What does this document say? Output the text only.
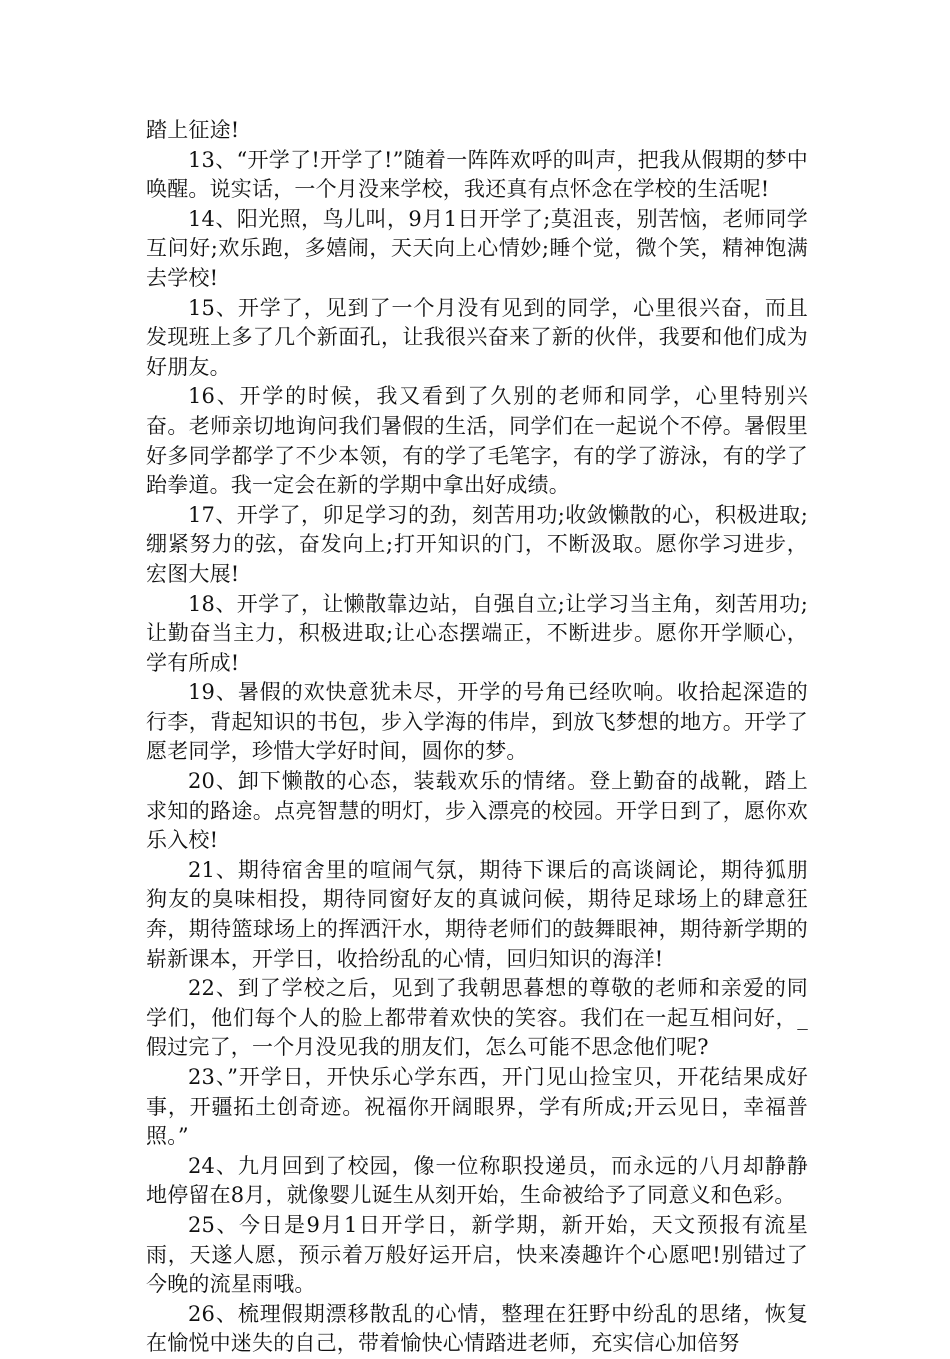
踏上征途!

13、“开学了!开学了!”随着一阵阵欢呼的叫声，把我从假期的梦中唤醒。说实话，一个月没来学校，我还真有点怀念在学校的生活呢!

14、阳光照，鸟儿叫，9月1日开学了;莫沮丧，别苦恼，老师同学互问好;欢乐跑，多嬉闹，天天向上心情妙;睡个觉，微个笑，精神饱满去学校!

15、开学了，见到了一个月没有见到的同学，心里很兴奋，而且发现班上多了几个新面孔，让我很兴奋来了新的伙伴，我要和他们成为好朋友。

16、开学的时候，我又看到了久别的老师和同学，心里特别兴奋。老师亲切地询问我们暑假的生活，同学们在一起说个不停。暑假里好多同学都学了不少本领，有的学了毛笔字，有的学了游泳，有的学了跆拳道。我一定会在新的学期中拿出好成绩。

17、开学了，卯足学习的劲，刻苦用功;收敛懒散的心，积极进取;绷紧努力的弦，奋发向上;打开知识的门，不断汲取。愿你学习进步，宏图大展!

18、开学了，让懒散靠边站，自强自立;让学习当主角，刻苦用功;让勤奋当主力，积极进取;让心态摆端正，不断进步。愿你开学顺心，学有所成!

19、暑假的欢快意犹未尽，开学的号角已经吹响。收拾起深造的行李，背起知识的书包，步入学海的伟岸，到放飞梦想的地方。开学了愿老同学，珍惜大学好时间，圆你的梦。

20、卸下懒散的心态，装载欢乐的情绪。登上勤奋的战靴，踏上求知的路途。点亮智慧的明灯，步入漂亮的校园。开学日到了，愿你欢乐入校!

21、期待宿舍里的喧闹气氛，期待下课后的高谈阔论，期待狐朋狗友的臭味相投，期待同窗好友的真诚问候，期待足球场上的肆意狂奔，期待篮球场上的挥洒汗水，期待老师们的鼓舞眼神，期待新学期的崭新课本，开学日，收拾纷乱的心情，回归知识的海洋!

22、到了学校之后，见到了我朝思暮想的尊敬的老师和亲爱的同学们，他们每个人的脸上都带着欢快的笑容。我们在一起互相问好，_假过完了，一个月没见我的朋友们，怎么可能不思念他们呢?

23、”开学日，开快乐心学东西，开门见山捡宝贝，开花结果成好事，开疆拓土创奇迹。祝福你开阔眼界，学有所成;开云见日，幸福普照。”

24、九月回到了校园，像一位称职投递员，而永远的八月却静静地停留在8月，就像婴儿诞生从刻开始，生命被给予了同意义和色彩。

25、今日是9月1日开学日，新学期，新开始，天文预报有流星雨，天遂人愿，预示着万般好运开启，快来凑趣许个心愿吧!别错过了今晚的流星雨哦。

26、梳理假期漂移散乱的心情，整理在狂野中纷乱的思绪，恢复在愉悦中迷失的自己，带着愉快心情踏进老师，充实信心加倍努
